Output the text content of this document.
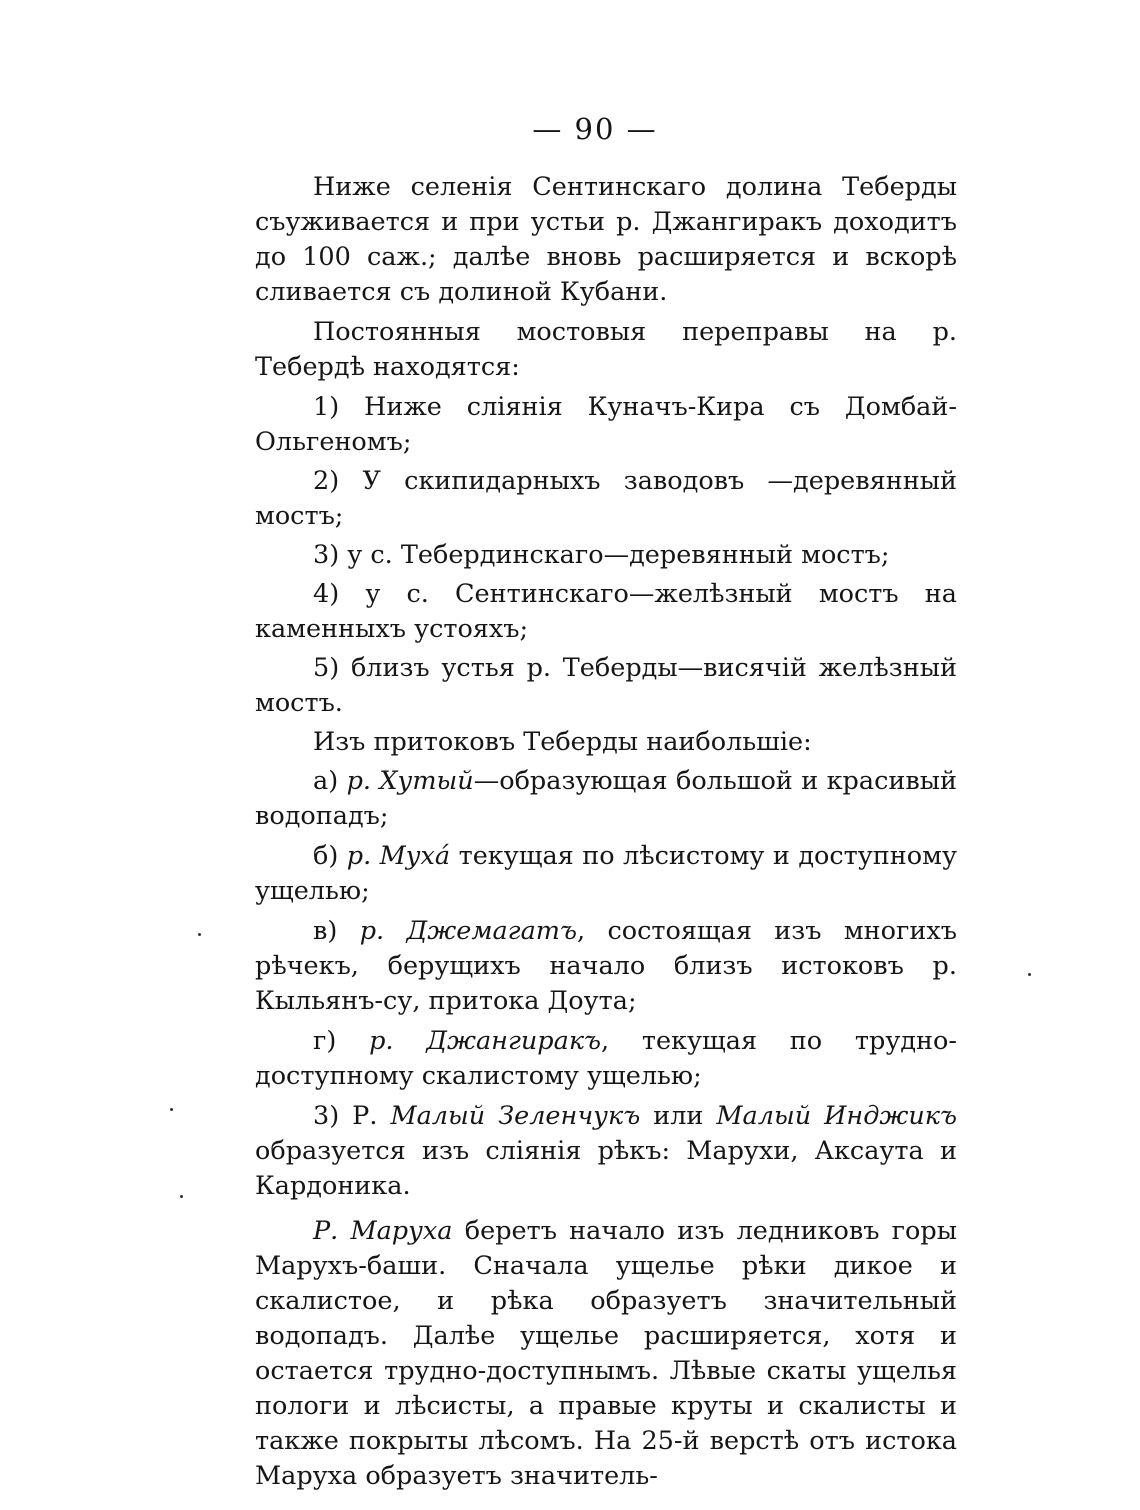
— 90 —

Ниже селенія Сентинскаго долина Теберды съуживается и при устьи р. Джангиракъ доходитъ до 100 саж.; далѣе вновь расширяется и вскорѣ сливается съ долиной Кубани.

Постоянныя мостовыя переправы на р. Тебердѣ находятся:

1) Ниже слiянія Куначъ-Кира съ Домбай-Ольгеномъ;

2) У скипидарныхъ заводовъ —деревянный мостъ;

3) у с. Тебердинскаго—деревянный мостъ;

4) у с. Сентинскаго—желѣзный мостъ на каменныхъ устояхъ;

5) близъ устья р. Теберды—висячій желѣзный мостъ.

Изъ притоковъ Теберды наибольшiе:

а) р. Хутый—образующая большой и красивый водопадъ;

б) р. Муха́ текущая по лѣсистому и доступному ущелью;

в) р. Джемагатъ, состоящая изъ многихъ рѣчекъ, берущихъ начало близъ истоковъ р. Кыльянъ-су, притока Доута;

г) р. Джангиракъ, текущая по трудно-доступному скалистому ущелью;

3) Р. Малый Зеленчукъ или Малый Инджикъ образуется изъ слiянія рѣкъ: Марухи, Аксаута и Кардоника.

Р. Маруха беретъ начало изъ ледниковъ горы Марухъ-баши. Сначала ущелье рѣки дикое и скалистое, и рѣка образуетъ значительный водопадъ. Далѣе ущелье расширяется, хотя и остается трудно-доступнымъ. Лѣвые скаты ущелья пологи и лѣсисты, а правые круты и скалисты и также покрыты лѣсомъ. На 25-й верстѣ отъ истока Маруха образуетъ значитель-
